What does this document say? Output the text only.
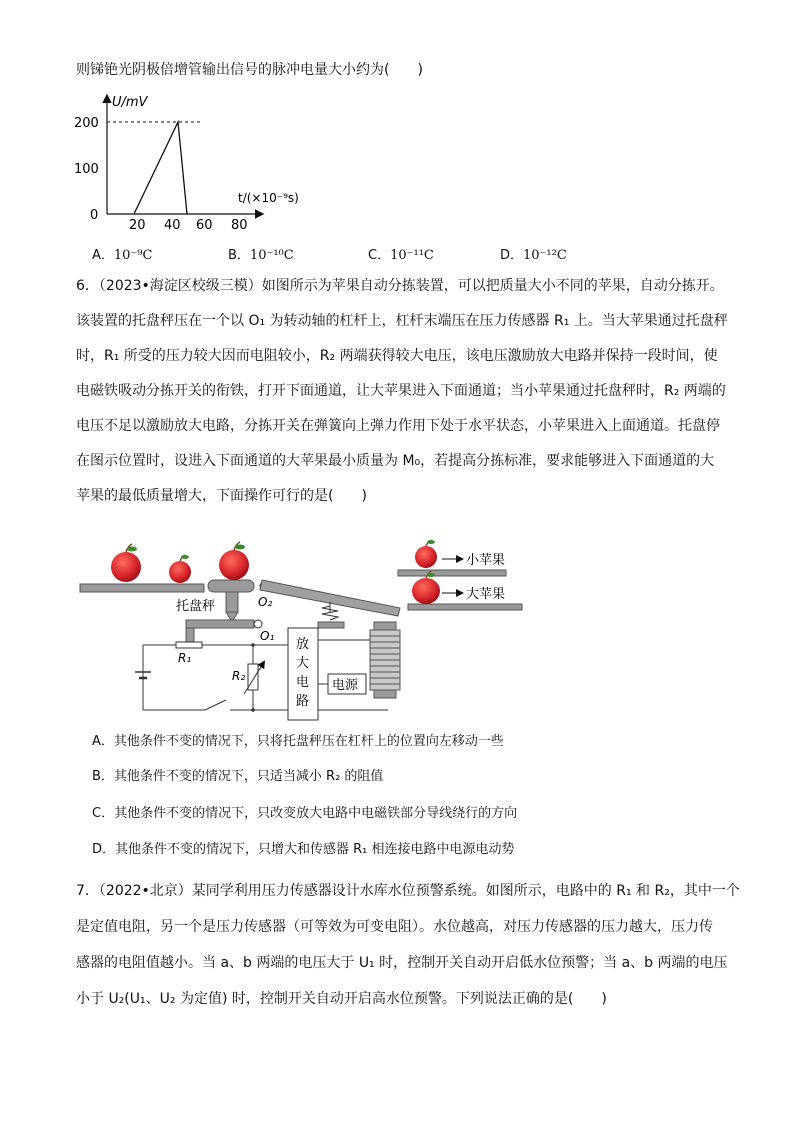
则锑铯光阴极倍增管输出信号的脉冲电量大小约为(　　)
U/mV
t/(×10⁻⁹s)
200
100
0
20 40 60 80
A．10⁻⁹C	B．10⁻¹⁰C	C．10⁻¹¹C	D．10⁻¹²C
6．（2023•海淀区校级三模）如图所示为苹果自动分拣装置，可以把质量大小不同的苹果，自动分拣开。
该装置的托盘秤压在一个以 O₁ 为转动轴的杠杆上，杠杆末端压在压力传感器 R₁ 上。当大苹果通过托盘秤
时，R₁ 所受的压力较大因而电阻较小，R₂ 两端获得较大电压，该电压激励放大电路并保持一段时间，使
电磁铁吸动分拣开关的衔铁，打开下面通道，让大苹果进入下面通道；当小苹果通过托盘秤时，R₂ 两端的
电压不足以激励放大电路，分拣开关在弹簧向上弹力作用下处于水平状态，小苹果进入上面通道。托盘停
在图示位置时，设进入下面通道的大苹果最小质量为 M₀，若提高分拣标准，要求能够进入下面通道的大
苹果的最低质量增大，下面操作可行的是(　　)
托盘秤	O₂
小苹果
大苹果
O₁
R₁
R₂
放
大
电
路
电源
A．其他条件不变的情况下，只将托盘秤压在杠杆上的位置向左移动一些
B．其他条件不变的情况下，只适当减小 R₂ 的阻值
C．其他条件不变的情况下，只改变放大电路中电磁铁部分导线绕行的方向
D．其他条件不变的情况下，只增大和传感器 R₁ 相连接电路中电源电动势
7．（2022•北京）某同学利用压力传感器设计水库水位预警系统。如图所示，电路中的 R₁ 和 R₂，其中一个
是定值电阻，另一个是压力传感器（可等效为可变电阻）。水位越高，对压力传感器的压力越大，压力传
感器的电阻值越小。当 a、b 两端的电压大于 U₁ 时，控制开关自动开启低水位预警；当 a、b 两端的电压
小于 U₂(U₁、U₂ 为定值) 时，控制开关自动开启高水位预警。下列说法正确的是(　　)
